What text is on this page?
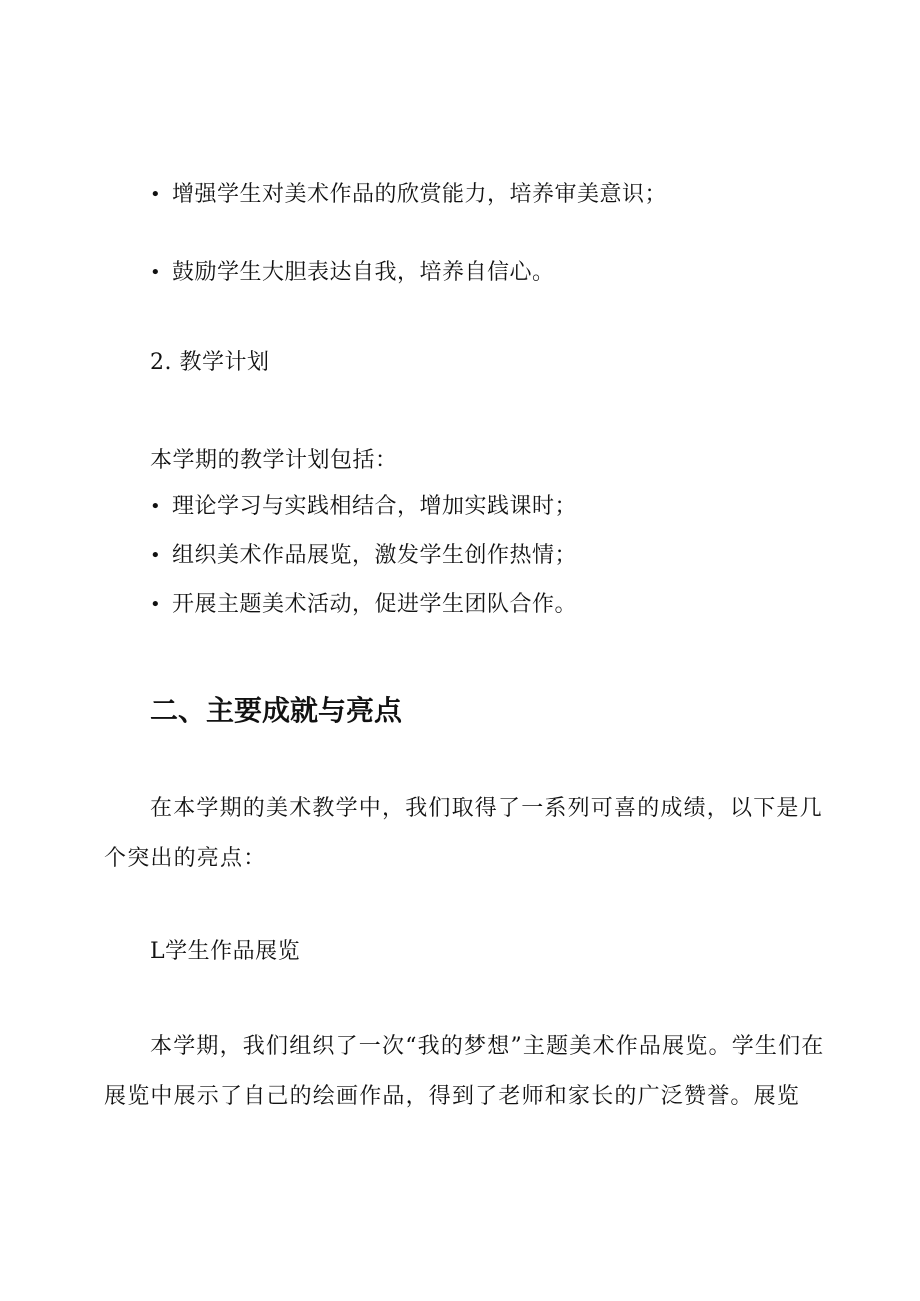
• 增强学生对美术作品的欣赏能力，培养审美意识；
• 鼓励学生大胆表达自我，培养自信心。
2. 教学计划
本学期的教学计划包括：
• 理论学习与实践相结合，增加实践课时；
• 组织美术作品展览，激发学生创作热情；
• 开展主题美术活动，促进学生团队合作。
二、主要成就与亮点
在本学期的美术教学中，我们取得了一系列可喜的成绩，以下是几个突出的亮点：
L学生作品展览
本学期，我们组织了一次“我的梦想”主题美术作品展览。学生们在展览中展示了自己的绘画作品，得到了老师和家长的广泛赞誉。展览
